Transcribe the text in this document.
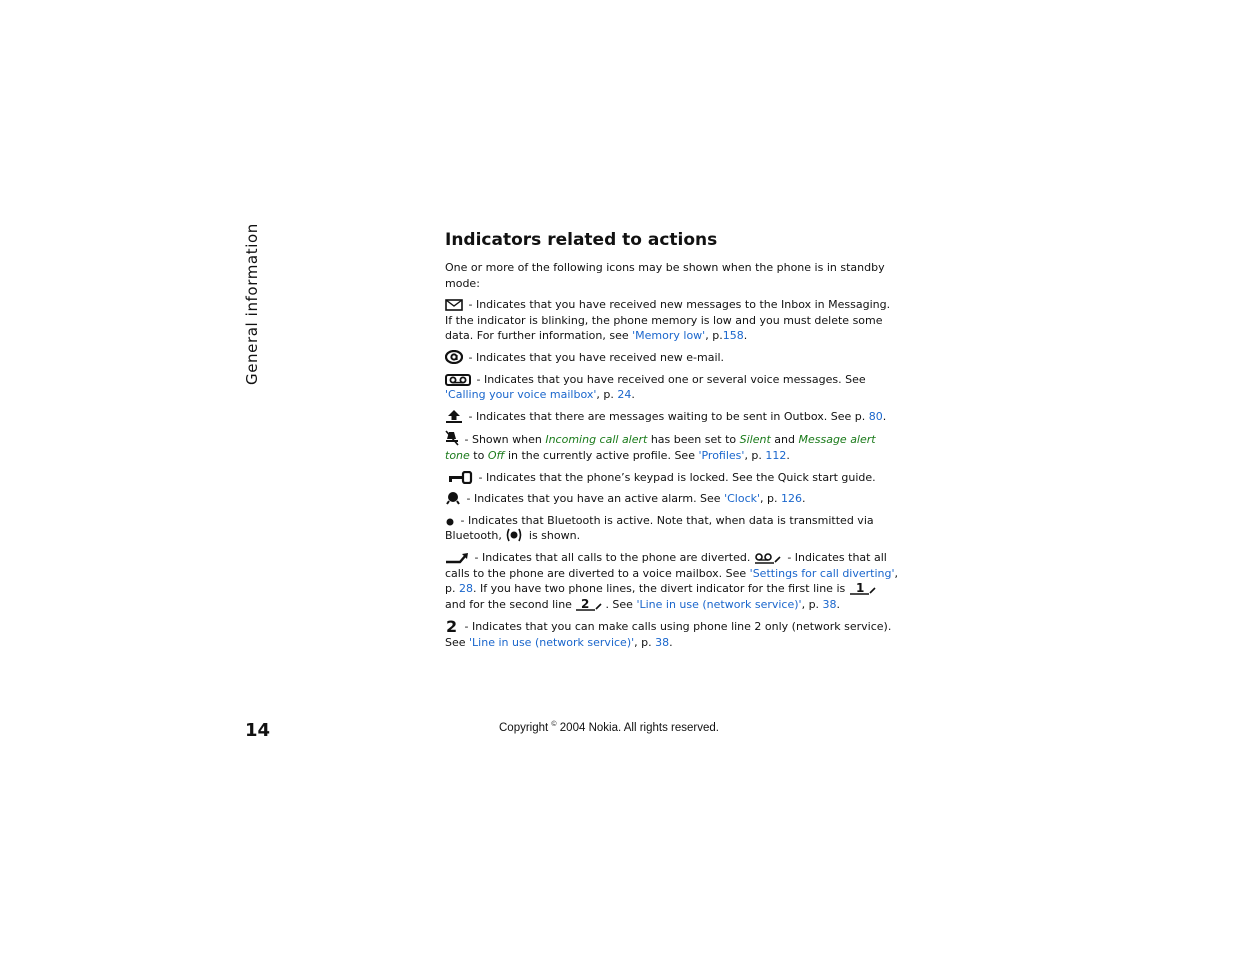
General information	Indicators related to actions

One or more of the following icons may be shown when the phone is in standby mode:

- Indicates that you have received new messages to the Inbox in Messaging. If the indicator is blinking, the phone memory is low and you must delete some data. For further information, see 'Memory low', p.158.

- Indicates that you have received new e-mail.

- Indicates that you have received one or several voice messages. See 'Calling your voice mailbox', p. 24.

- Indicates that there are messages waiting to be sent in Outbox. See p. 80.

- Shown when Incoming call alert has been set to Silent and Message alert tone to Off in the currently active profile. See 'Profiles', p. 112.

- Indicates that the phone’s keypad is locked. See the Quick start guide.

- Indicates that you have an active alarm. See 'Clock', p. 126.

- Indicates that Bluetooth is active. Note that, when data is transmitted via Bluetooth,
is shown.

- Indicates that all calls to the phone are diverted.	- Indicates that all calls to the phone are diverted to a voice mailbox. See 'Settings for call diverting', p. 28. If you have two phone lines, the divert indicator for the first line is 1
and for the second line 2 . See 'Line in use (network service)', p. 38.

2 - Indicates that you can make calls using phone line 2 only (network service). See 'Line in use (network service)', p. 38.

14	Copyright © 2004 Nokia. All rights reserved.
